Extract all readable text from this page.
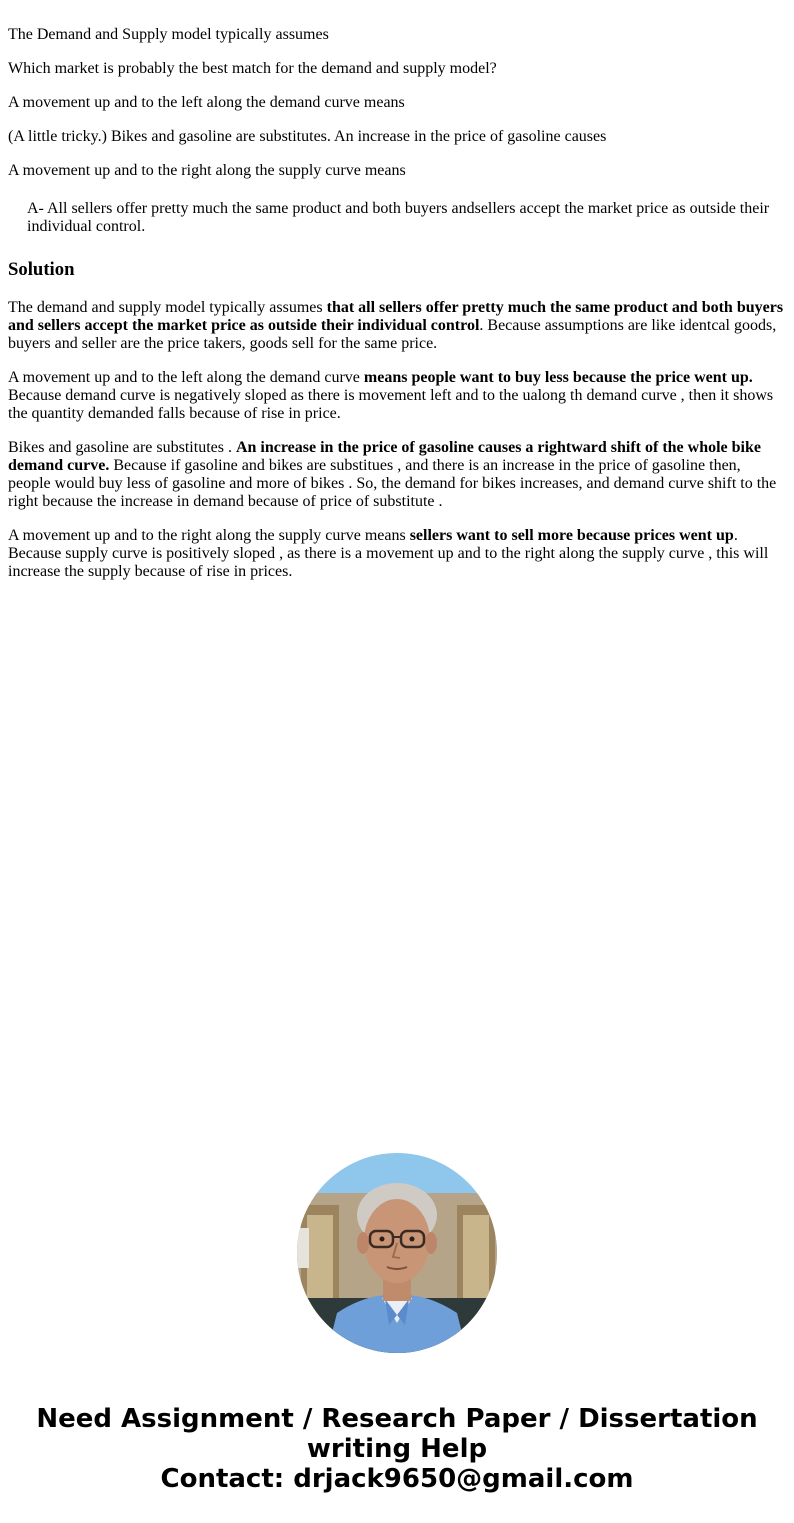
The Demand and Supply model typically assumes

Which market is probably the best match for the demand and supply model?

A movement up and to the left along the demand curve means

(A little tricky.) Bikes and gasoline are substitutes. An increase in the price of gasoline causes

A movement up and to the right along the supply curve means

A- All sellers offer pretty much the same product and both buyers andsellers accept the market price as outside their individual control.

Solution

The demand and supply model typically assumes that all sellers offer pretty much the same product and both buyers and sellers accept the market price as outside their individual control. Because assumptions are like identcal goods, buyers and seller are the price takers, goods sell for the same price.

A movement up and to the left along the demand curve means people want to buy less because the price went up. Because demand curve is negatively sloped as there is movement left and to the ualong th demand curve , then it shows the quantity demanded falls because of rise in price.

Bikes and gasoline are substitutes . An increase in the price of gasoline causes a rightward shift of the whole bike demand curve. Because if gasoline and bikes are substitues , and there is an increase in the price of gasoline then, people would buy less of gasoline and more of bikes . So, the demand for bikes increases, and demand curve shift to the right because the increase in demand because of price of substitute .

A movement up and to the right along the supply curve means sellers want to sell more because prices went up. Because supply curve is positively sloped , as there is a movement up and to the right along the supply curve , this will increase the supply because of rise in prices.

Need Assignment / Research Paper / Dissertation writing Help
Contact: drjack9650@gmail.com
